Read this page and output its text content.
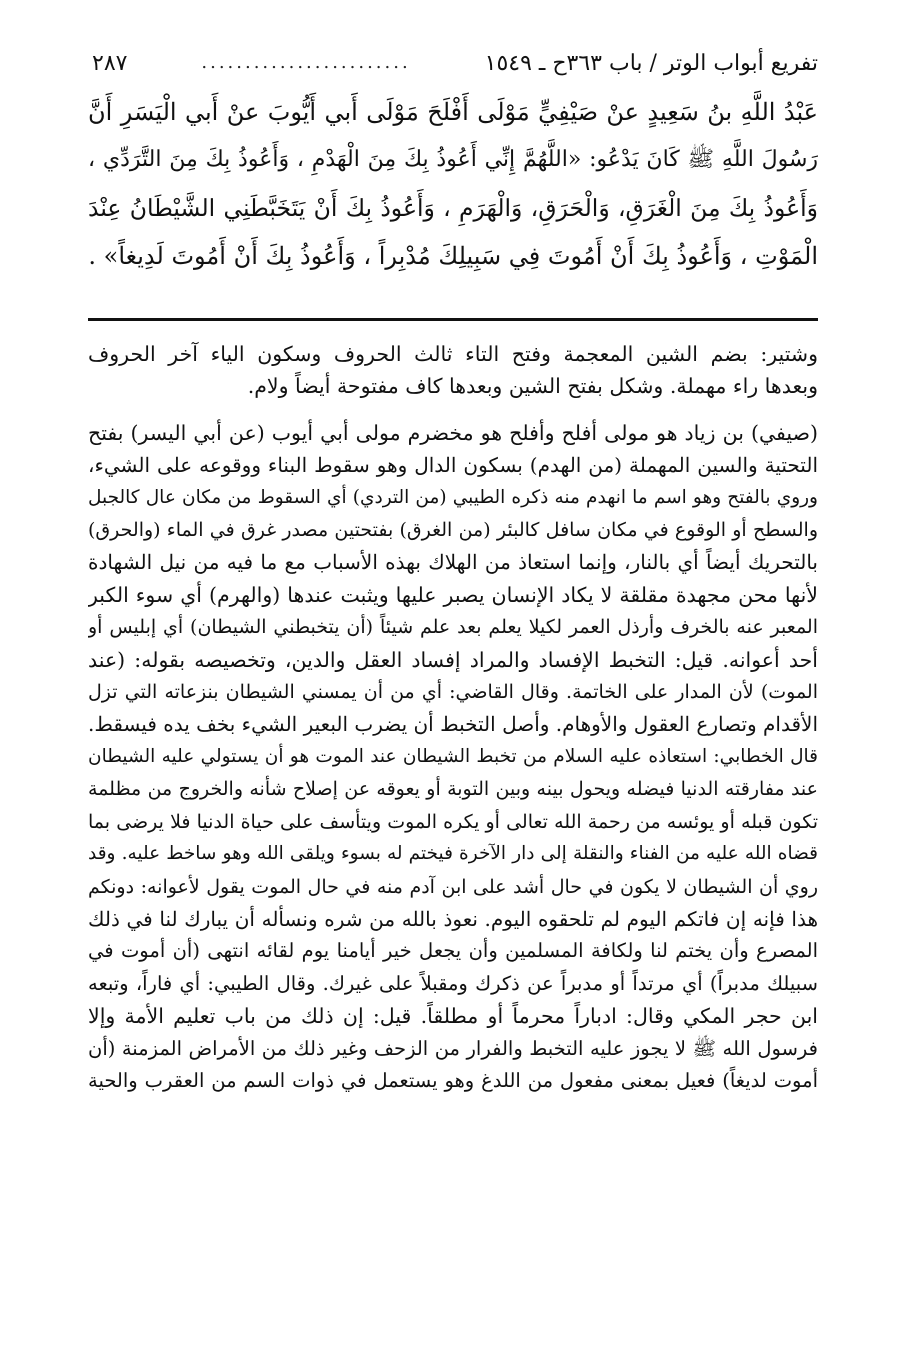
تفريع أبواب الوتر / باب ٣٦٣ح ـ ١٥٤٩
........................
٢٨٧
عَبْدُ اللَّهِ بنُ سَعِيدٍ عنْ صَيْفِيٍّ مَوْلَى أَفْلَحَ مَوْلَى أَبي أَيُّوبَ عنْ أَبي الْيَسَرِ أَنَّ
رَسُولَ اللَّهِ ﷺ كَانَ يَدْعُو: «اللَّهُمَّ إِنِّي أَعُوذُ بِكَ مِنَ الْهَدْمِ ، وَأَعُوذُ بِكَ مِنَ التَّرَدِّي ،
وَأَعُوذُ بِكَ مِنَ الْغَرَقِ، وَالْحَرَقِ، وَالْهَرَمِ ، وَأَعُوذُ بِكَ أَنْ يَتَخَبَّطَنِي الشَّيْطَانُ عِنْدَ
الْمَوْتِ ، وَأَعُوذُ بِكَ أَنْ أَمُوتَ فِي سَبِيلِكَ مُدْبِراً ، وَأَعُوذُ بِكَ أَنْ أَمُوتَ لَدِيغاً» .
وشتير: بضم الشين المعجمة وفتح التاء ثالث الحروف وسكون الياء آخر الحروف
وبعدها راء مهملة. وشكل بفتح الشين وبعدها كاف مفتوحة أيضاً ولام.
(صيفي) بن زياد هو مولى أفلح وأفلح هو مخضرم مولى أبي أيوب (عن أبي اليسر) بفتح
التحتية والسين المهملة (من الهدم) بسكون الدال وهو سقوط البناء ووقوعه على الشيء،
وروي بالفتح وهو اسم ما انهدم منه ذكره الطيبي (من التردي) أي السقوط من مكان عال كالجبل
والسطح أو الوقوع في مكان سافل كالبئر (من الغرق) بفتحتين مصدر غرق في الماء (والحرق)
بالتحريك أيضاً أي بالنار، وإنما استعاذ من الهلاك بهذه الأسباب مع ما فيه من نيل الشهادة
لأنها محن مجهدة مقلقة لا يكاد الإنسان يصبر عليها ويثبت عندها (والهرم) أي سوء الكبر
المعبر عنه بالخرف وأرذل العمر لكيلا يعلم بعد علم شيئاً (أن يتخبطني الشيطان) أي إبليس أو
أحد أعوانه. قيل: التخبط الإفساد والمراد إفساد العقل والدين، وتخصيصه بقوله: (عند
الموت) لأن المدار على الخاتمة. وقال القاضي: أي من أن يمسني الشيطان بنزعاته التي تزل
الأقدام وتصارع العقول والأوهام. وأصل التخبط أن يضرب البعير الشيء بخف يده فيسقط.
قال الخطابي: استعاذه عليه السلام من تخبط الشيطان عند الموت هو أن يستولي عليه الشيطان
عند مفارقته الدنيا فيضله ويحول بينه وبين التوبة أو يعوقه عن إصلاح شأنه والخروج من مظلمة
تكون قبله أو يوئسه من رحمة الله تعالى أو يكره الموت ويتأسف على حياة الدنيا فلا يرضى بما
قضاه الله عليه من الفناء والنقلة إلى دار الآخرة فيختم له بسوء ويلقى الله وهو ساخط عليه. وقد
روي أن الشيطان لا يكون في حال أشد على ابن آدم منه في حال الموت يقول لأعوانه: دونكم
هذا فإنه إن فاتكم اليوم لم تلحقوه اليوم. نعوذ بالله من شره ونسأله أن يبارك لنا في ذلك
المصرع وأن يختم لنا ولكافة المسلمين وأن يجعل خير أيامنا يوم لقائه انتهى (أن أموت في
سبيلك مدبراً) أي مرتداً أو مدبراً عن ذكرك ومقبلاً على غيرك. وقال الطيبي: أي فاراً، وتبعه
ابن حجر المكي وقال: ادباراً محرماً أو مطلقاً. قيل: إن ذلك من باب تعليم الأمة وإلا
فرسول الله ﷺ لا يجوز عليه التخبط والفرار من الزحف وغير ذلك من الأمراض المزمنة (أن
أموت لديغاً) فعيل بمعنى مفعول من اللدغ وهو يستعمل في ذوات السم من العقرب والحية
